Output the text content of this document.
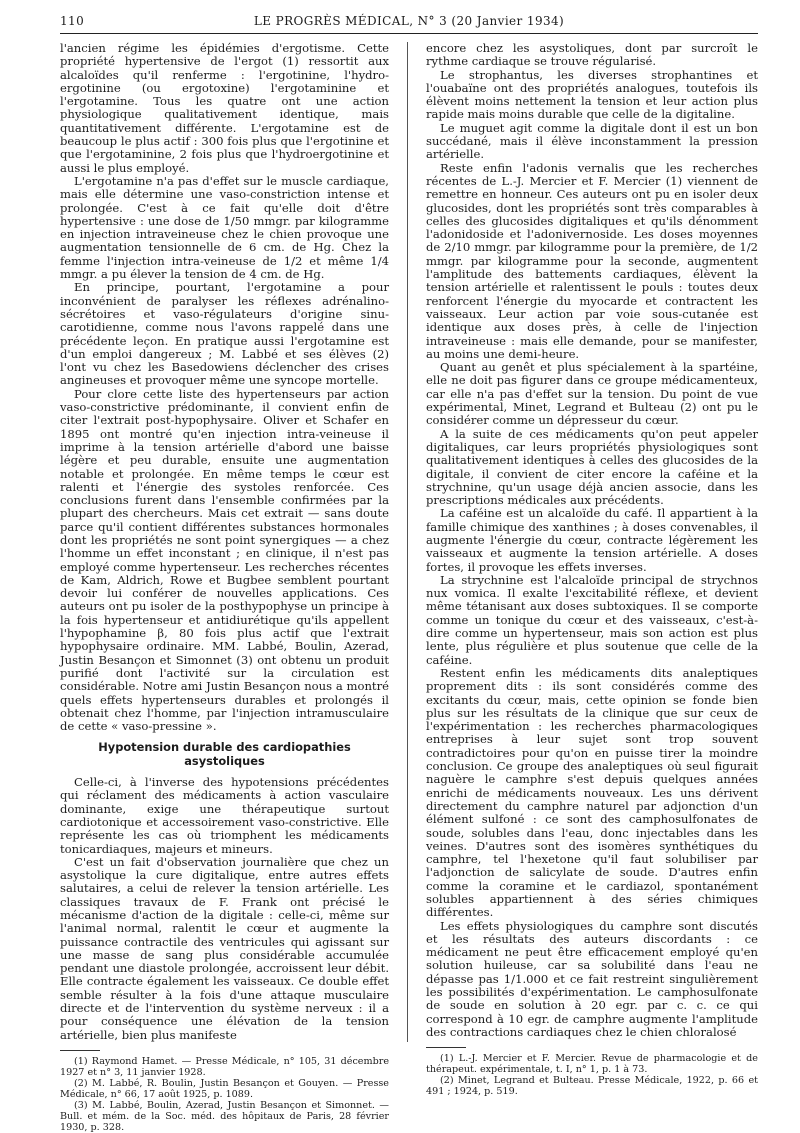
110	LE PROGRÈS MÉDICAL, N° 3 (20 Janvier 1934)

l'ancien régime les épidémies d'ergotisme. Cette propriété hypertensive de l'ergot (1) ressortit aux alcaloïdes qu'il renferme : l'ergotinine, l'hydro-ergotinine (ou ergotoxine) l'ergotaminine et l'ergotamine. Tous les quatre ont une action physiologique qualitativement identique, mais quantitativement différente. L'ergotamine est de beaucoup le plus actif : 300 fois plus que l'ergotinine et que l'ergotaminine, 2 fois plus que l'hydroergotinine et aussi le plus employé.

L'ergotamine n'a pas d'effet sur le muscle cardiaque, mais elle détermine une vaso-constriction intense et prolongée. C'est à ce fait qu'elle doit d'être hypertensive : une dose de 1/50 mmgr. par kilogramme en injection intraveineuse chez le chien provoque une augmentation tensionnelle de 6 cm. de Hg. Chez la femme l'injection intra-veineuse de 1/2 et même 1/4 mmgr. a pu élever la tension de 4 cm. de Hg.

En principe, pourtant, l'ergotamine a pour inconvénient de paralyser les réflexes adrénalino-sécrétoires et vaso-régulateurs d'origine sinu-carotidienne, comme nous l'avons rappelé dans une précédente leçon. En pratique aussi l'ergotamine est d'un emploi dangereux ; M. Labbé et ses élèves (2) l'ont vu chez les Basedowiens déclencher des crises angineuses et provoquer même une syncope mortelle.

Pour clore cette liste des hypertenseurs par action vaso-constrictive prédominante, il convient enfin de citer l'extrait post-hypophysaire. Oliver et Schafer en 1895 ont montré qu'en injection intra-veineuse il imprime à la tension artérielle d'abord une baisse légère et peu durable, ensuite une augmentation notable et prolongée. En même temps le cœur est ralenti et l'énergie des systoles renforcée. Ces conclusions furent dans l'ensemble confirmées par la plupart des chercheurs. Mais cet extrait — sans doute parce qu'il contient différentes substances hormonales dont les propriétés ne sont point synergiques — a chez l'homme un effet inconstant ; en clinique, il n'est pas employé comme hypertenseur. Les recherches récentes de Kam, Aldrich, Rowe et Bugbee semblent pourtant devoir lui conférer de nouvelles applications. Ces auteurs ont pu isoler de la posthypophyse un principe à la fois hypertenseur et antidiurétique qu'ils appellent l'hypophamine β, 80 fois plus actif que l'extrait hypophysaire ordinaire. MM. Labbé, Boulin, Azerad, Justin Besançon et Simonnet (3) ont obtenu un produit purifié dont l'activité sur la circulation est considérable. Notre ami Justin Besançon nous a montré quels effets hypertenseurs durables et prolongés il obtenait chez l'homme, par l'injection intramusculaire de cette « vaso-pressine ».

Hypotension durable des cardiopathies asystoliques

Celle-ci, à l'inverse des hypotensions précédentes qui réclament des médicaments à action vasculaire dominante, exige une thérapeutique surtout cardiotonique et accessoirement vaso-constrictive. Elle représente les cas où triomphent les médicaments tonicardiaques, majeurs et mineurs.

C'est un fait d'observation journalière que chez un asystolique la cure digitalique, entre autres effets salutaires, a celui de relever la tension artérielle. Les classiques travaux de F. Frank ont précisé le mécanisme d'action de la digitale : celle-ci, même sur l'animal normal, ralentit le cœur et augmente la puissance contractile des ventricules qui agissant sur une masse de sang plus considérable accumulée pendant une diastole prolongée, accroissent leur débit. Elle contracte également les vaisseaux. Ce double effet semble résulter à la fois d'une attaque musculaire directe et de l'intervention du système nerveux : il a pour conséquence une élévation de la tension artérielle, bien plus manifeste

(1) Raymond Hamet. — Presse Médicale, n° 105, 31 décembre 1927 et n° 3, 11 janvier 1928.

(2) M. Labbé, R. Boulin, Justin Besançon et Gouyen. — Presse Médicale, n° 66, 17 août 1925, p. 1089.

(3) M. Labbé, Boulin, Azerad, Justin Besançon et Simonnet. — Bull. et mém. de la Soc. méd. des hôpitaux de Paris, 28 février 1930, p. 328.

encore chez les asystoliques, dont par surcroît le rythme cardiaque se trouve régularisé.

Le strophantus, les diverses strophantines et l'ouabaïne ont des propriétés analogues, toutefois ils élèvent moins nettement la tension et leur action plus rapide mais moins durable que celle de la digitaline.

Le muguet agit comme la digitale dont il est un bon succédané, mais il élève inconstamment la pression artérielle.

Reste enfin l'adonis vernalis que les recherches récentes de L.-J. Mercier et F. Mercier (1) viennent de remettre en honneur. Ces auteurs ont pu en isoler deux glucosides, dont les propriétés sont très comparables à celles des glucosides digitaliques et qu'ils dénomment l'adonidoside et l'adonivernoside. Les doses moyennes de 2/10 mmgr. par kilogramme pour la première, de 1/2 mmgr. par kilogramme pour la seconde, augmentent l'amplitude des battements cardiaques, élèvent la tension artérielle et ralentissent le pouls : toutes deux renforcent l'énergie du myocarde et contractent les vaisseaux. Leur action par voie sous-cutanée est identique aux doses près, à celle de l'injection intraveineuse : mais elle demande, pour se manifester, au moins une demi-heure.

Quant au genêt et plus spécialement à la spartéine, elle ne doit pas figurer dans ce groupe médicamenteux, car elle n'a pas d'effet sur la tension. Du point de vue expérimental, Minet, Legrand et Bulteau (2) ont pu le considérer comme un dépresseur du cœur.

A la suite de ces médicaments qu'on peut appeler digitaliques, car leurs propriétés physiologiques sont qualitativement identiques à celles des glucosides de la digitale, il convient de citer encore la caféine et la strychnine, qu'un usage déjà ancien associe, dans les prescriptions médicales aux précédents.

La caféine est un alcaloïde du café. Il appartient à la famille chimique des xanthines ; à doses convenables, il augmente l'énergie du cœur, contracte légèrement les vaisseaux et augmente la tension artérielle. A doses fortes, il provoque les effets inverses.

La strychnine est l'alcaloïde principal de strychnos nux vomica. Il exalte l'excitabilité réflexe, et devient même tétanisant aux doses subtoxiques. Il se comporte comme un tonique du cœur et des vaisseaux, c'est-à-dire comme un hypertenseur, mais son action est plus lente, plus régulière et plus soutenue que celle de la caféine.

Restent enfin les médicaments dits analeptiques proprement dits : ils sont considérés comme des excitants du cœur, mais, cette opinion se fonde bien plus sur les résultats de la clinique que sur ceux de l'expérimentation : les recherches pharmacologiques entreprises à leur sujet sont trop souvent contradictoires pour qu'on en puisse tirer la moindre conclusion. Ce groupe des analeptiques où seul figurait naguère le camphre s'est depuis quelques années enrichi de médicaments nouveaux. Les uns dérivent directement du camphre naturel par adjonction d'un élément sulfoné : ce sont des camphosulfonates de soude, solubles dans l'eau, donc injectables dans les veines. D'autres sont des isomères synthétiques du camphre, tel l'hexetone qu'il faut solubiliser par l'adjonction de salicylate de soude. D'autres enfin comme la coramine et le cardiazol, spontanément solubles appartiennent à des séries chimiques différentes.

Les effets physiologiques du camphre sont discutés et les résultats des auteurs discordants : ce médicament ne peut être efficacement employé qu'en solution huileuse, car sa solubilité dans l'eau ne dépasse pas 1/1.000 et ce fait restreint singulièrement les possibilités d'expérimentation. Le camphosulfonate de soude en solution à 20 egr. par c. c. ce qui correspond à 10 egr. de camphre augmente l'amplitude des contractions cardiaques chez le chien chloralosé

(1) L.-J. Mercier et F. Mercier. Revue de pharmacologie et de thérapeut. expérimentale, t. I, n° 1, p. 1 à 73.

(2) Minet, Legrand et Bulteau. Presse Médicale, 1922, p. 66 et 491 ; 1924, p. 519.
